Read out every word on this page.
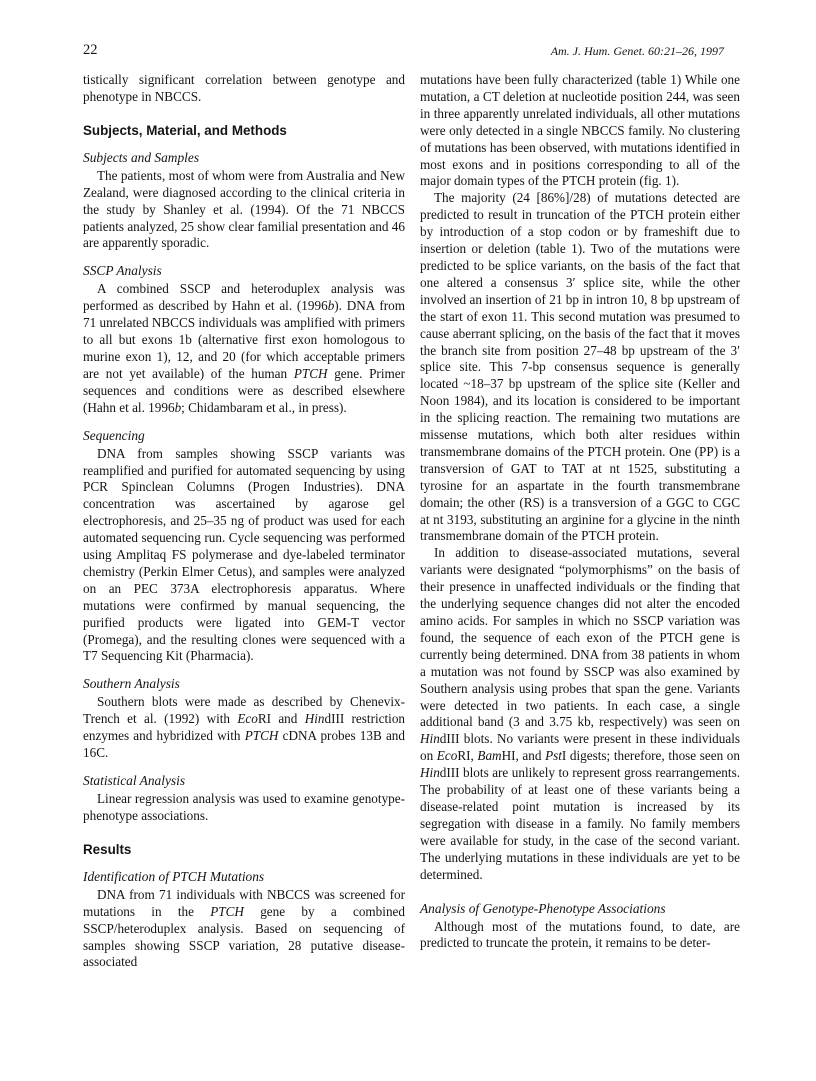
22	Am. J. Hum. Genet. 60:21–26, 1997

tistically significant correlation between genotype and phenotype in NBCCS.

Subjects, Material, and Methods
Subjects and Samples

The patients, most of whom were from Australia and New Zealand, were diagnosed according to the clinical criteria in the study by Shanley et al. (1994). Of the 71 NBCCS patients analyzed, 25 show clear familial presentation and 46 are apparently sporadic.

SSCP Analysis

A combined SSCP and heteroduplex analysis was performed as described by Hahn et al. (1996b). DNA from 71 unrelated NBCCS individuals was amplified with primers to all but exons 1b (alternative first exon homologous to murine exon 1), 12, and 20 (for which acceptable primers are not yet available) of the human PTCH gene. Primer sequences and conditions were as described elsewhere (Hahn et al. 1996b; Chidambaram et al., in press).

Sequencing

DNA from samples showing SSCP variants was reamplified and purified for automated sequencing by using PCR Spinclean Columns (Progen Industries). DNA concentration was ascertained by agarose gel electrophoresis, and 25–35 ng of product was used for each automated sequencing run. Cycle sequencing was performed using Amplitaq FS polymerase and dye-labeled terminator chemistry (Perkin Elmer Cetus), and samples were analyzed on an PEC 373A electrophoresis apparatus. Where mutations were confirmed by manual sequencing, the purified products were ligated into GEM-T vector (Promega), and the resulting clones were sequenced with a T7 Sequencing Kit (Pharmacia).

Southern Analysis

Southern blots were made as described by Chenevix-Trench et al. (1992) with EcoRI and HindIII restriction enzymes and hybridized with PTCH cDNA probes 13B and 16C.

Statistical Analysis

Linear regression analysis was used to examine genotype-phenotype associations.

Results
Identification of PTCH Mutations

DNA from 71 individuals with NBCCS was screened for mutations in the PTCH gene by a combined SSCP/heteroduplex analysis. Based on sequencing of samples showing SSCP variation, 28 putative disease-associated

mutations have been fully characterized (table 1) While one mutation, a CT deletion at nucleotide position 244, was seen in three apparently unrelated individuals, all other mutations were only detected in a single NBCCS family. No clustering of mutations has been observed, with mutations identified in most exons and in positions corresponding to all of the major domain types of the PTCH protein (fig. 1).

The majority (24 [86%]/28) of mutations detected are predicted to result in truncation of the PTCH protein either by introduction of a stop codon or by frameshift due to insertion or deletion (table 1). Two of the mutations were predicted to be splice variants, on the basis of the fact that one altered a consensus 3′ splice site, while the other involved an insertion of 21 bp in intron 10, 8 bp upstream of the start of exon 11. This second mutation was presumed to cause aberrant splicing, on the basis of the fact that it moves the branch site from position 27–48 bp upstream of the 3′ splice site. This 7-bp consensus sequence is generally located ~18–37 bp upstream of the splice site (Keller and Noon 1984), and its location is considered to be important in the splicing reaction. The remaining two mutations are missense mutations, which both alter residues within transmembrane domains of the PTCH protein. One (PP) is a transversion of GAT to TAT at nt 1525, substituting a tyrosine for an aspartate in the fourth transmembrane domain; the other (RS) is a transversion of a GGC to CGC at nt 3193, substituting an arginine for a glycine in the ninth transmembrane domain of the PTCH protein.

In addition to disease-associated mutations, several variants were designated “polymorphisms” on the basis of their presence in unaffected individuals or the finding that the underlying sequence changes did not alter the encoded amino acids. For samples in which no SSCP variation was found, the sequence of each exon of the PTCH gene is currently being determined. DNA from 38 patients in whom a mutation was not found by SSCP was also examined by Southern analysis using probes that span the gene. Variants were detected in two patients. In each case, a single additional band (3 and 3.75 kb, respectively) was seen on HindIII blots. No variants were present in these individuals on EcoRI, BamHI, and PstI digests; therefore, those seen on HindIII blots are unlikely to represent gross rearrangements. The probability of at least one of these variants being a disease-related point mutation is increased by its segregation with disease in a family. No family members were available for study, in the case of the second variant. The underlying mutations in these individuals are yet to be determined.

Analysis of Genotype-Phenotype Associations

Although most of the mutations found, to date, are predicted to truncate the protein, it remains to be deter-
